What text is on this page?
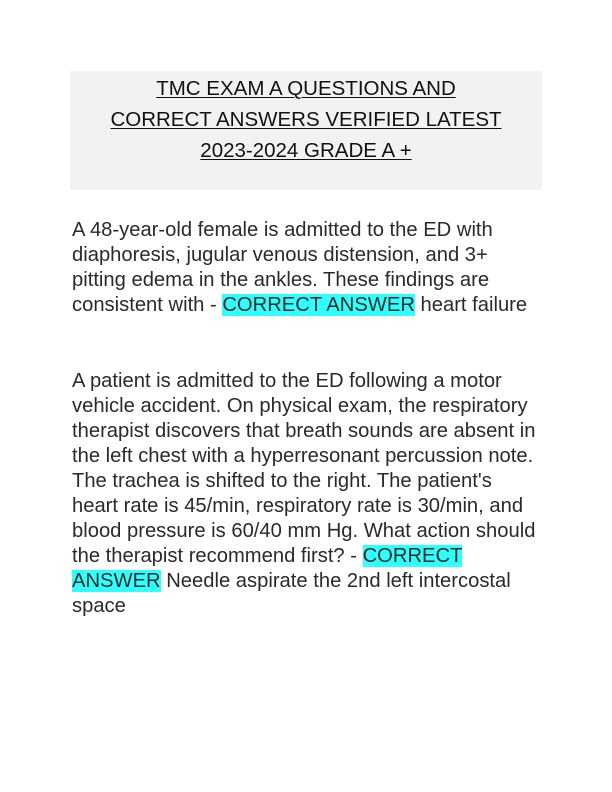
TMC EXAM A QUESTIONS AND
CORRECT ANSWERS VERIFIED LATEST
2023-2024 GRADE A +
A 48-year-old female is admitted to the ED with diaphoresis, jugular venous distension, and 3+ pitting edema in the ankles. These findings are consistent with - CORRECT ANSWER heart failure
A patient is admitted to the ED following a motor vehicle accident. On physical exam, the respiratory therapist discovers that breath sounds are absent in the left chest with a hyperresonant percussion note. The trachea is shifted to the right. The patient's heart rate is 45/min, respiratory rate is 30/min, and blood pressure is 60/40 mm Hg. What action should the therapist recommend first? - CORRECT ANSWER Needle aspirate the 2nd left intercostal space
